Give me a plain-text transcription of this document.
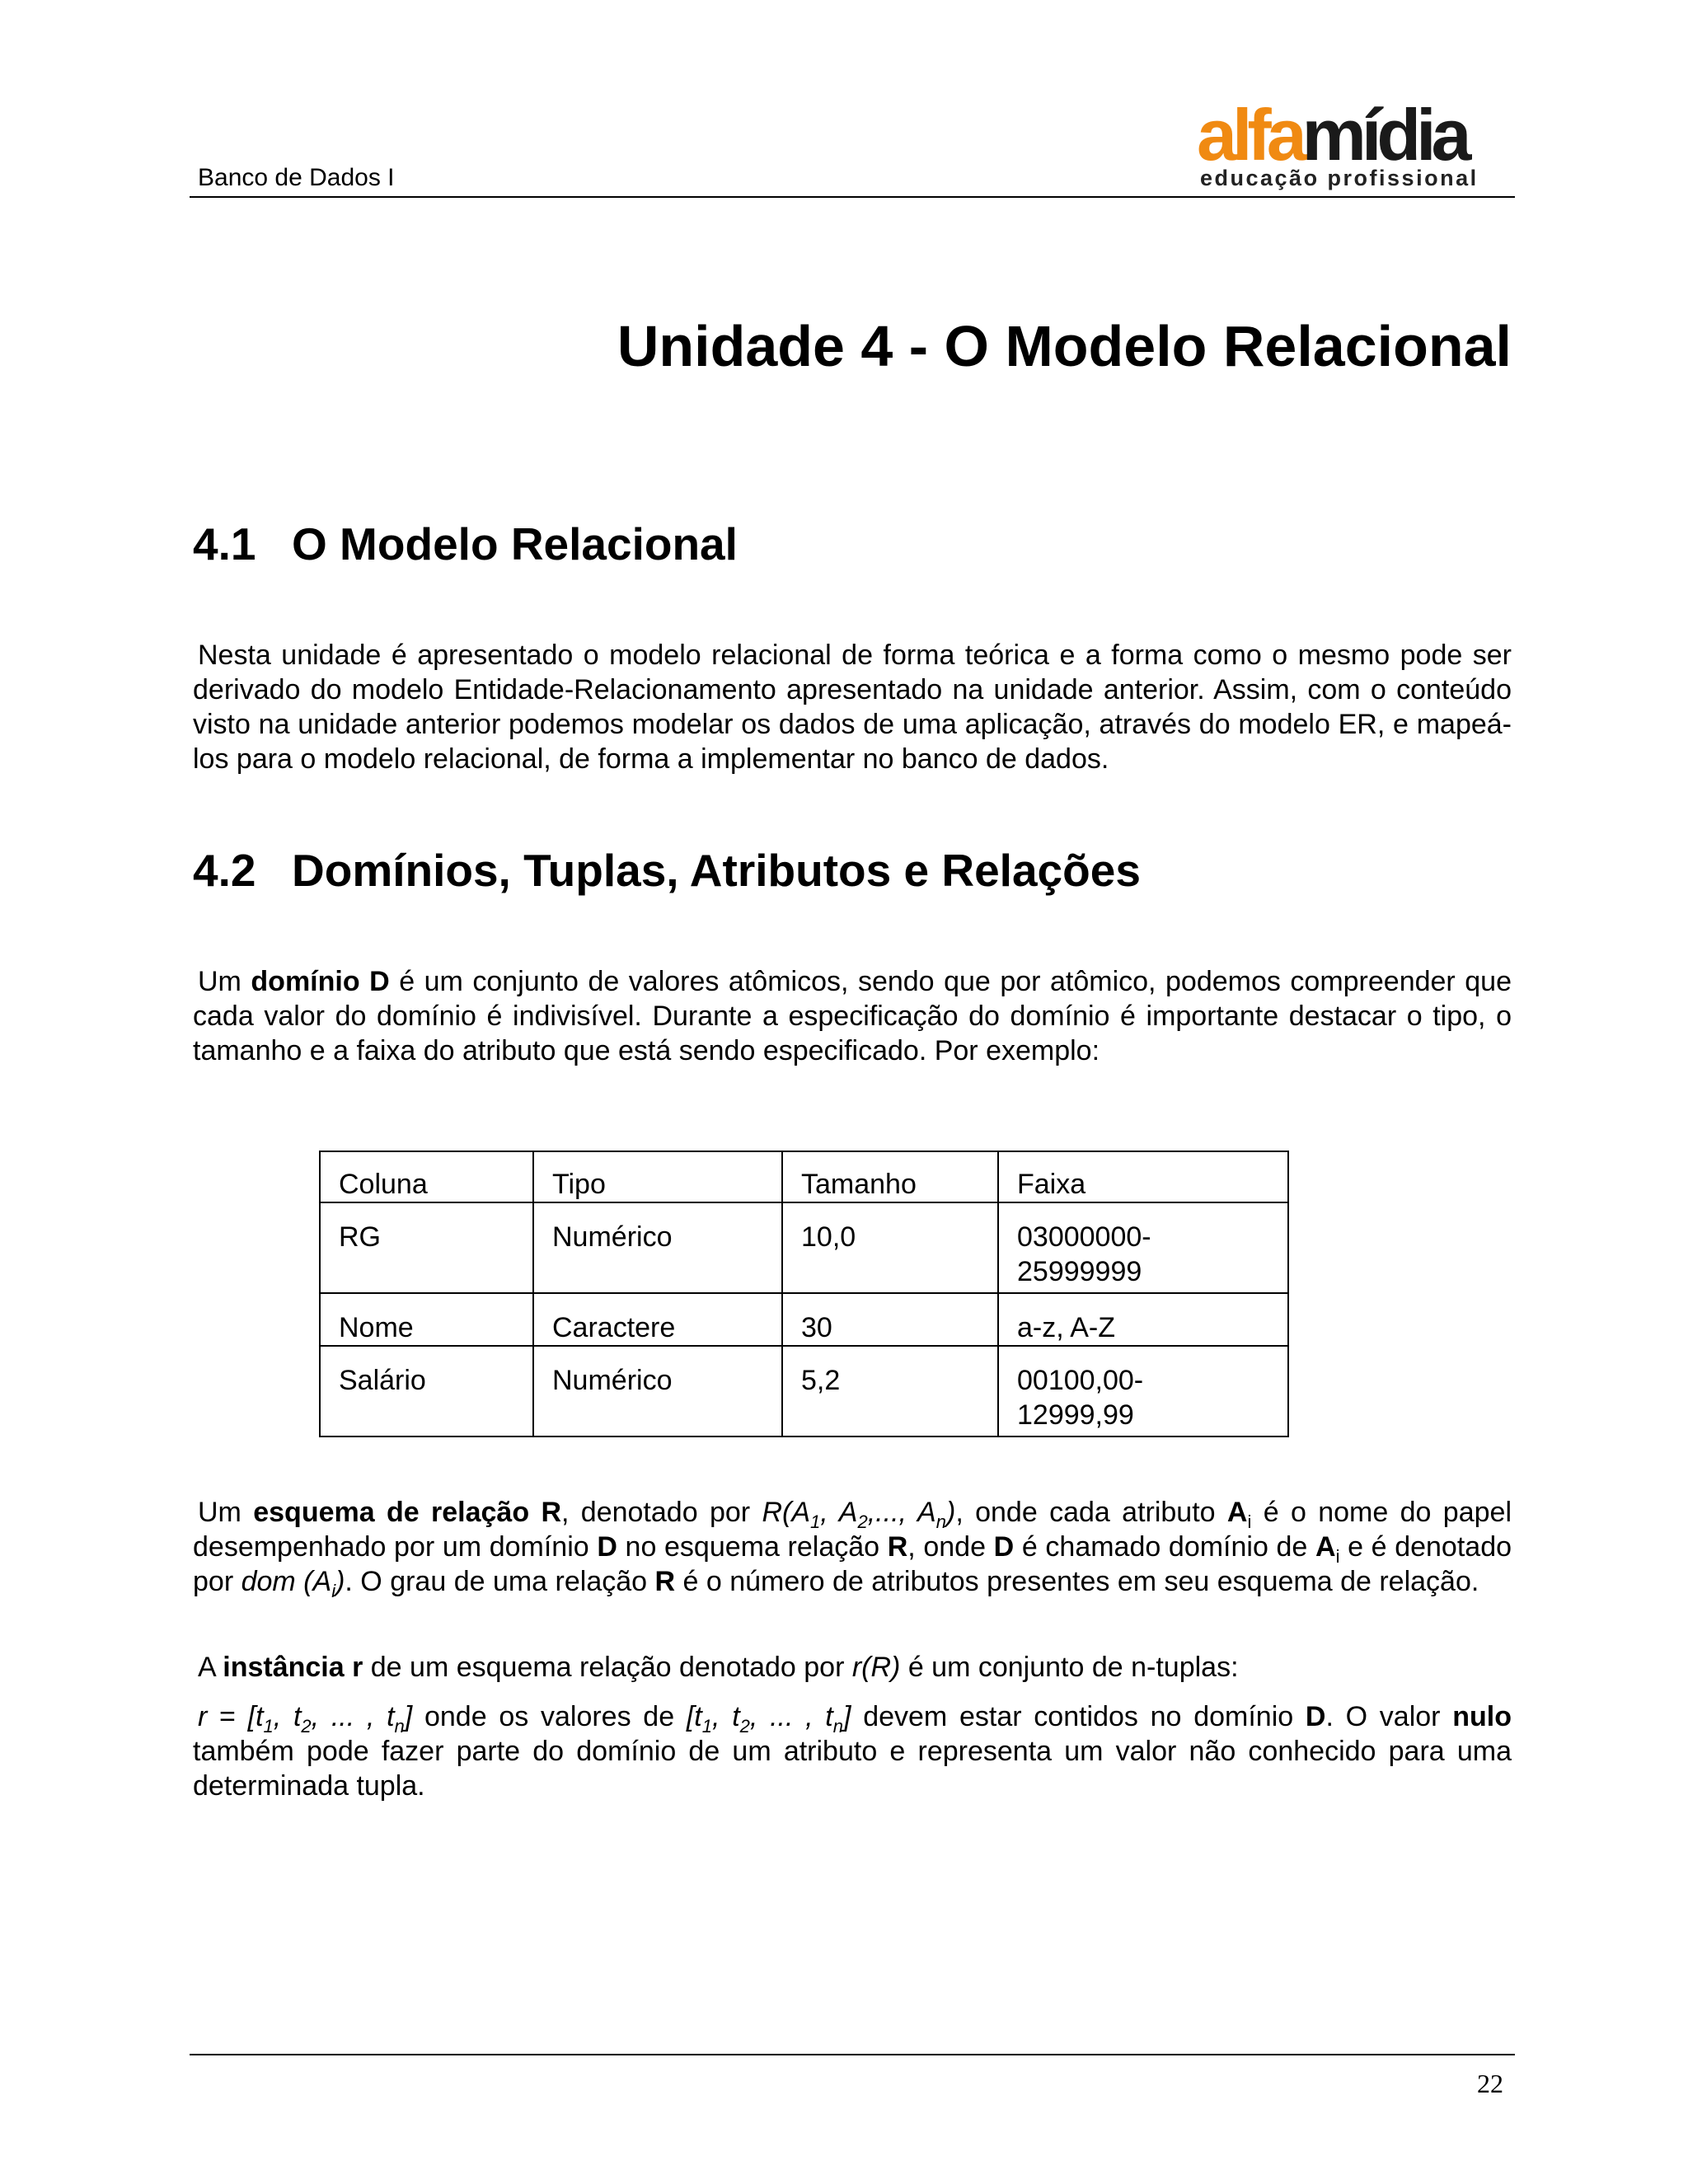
Banco de Dados I
alfamídia
educação profissional
Unidade 4 - O Modelo Relacional
4.1 O Modelo Relacional

Nesta unidade é apresentado o modelo relacional de forma teórica e a forma como o mesmo pode ser derivado do modelo Entidade-Relacionamento apresentado na unidade anterior. Assim, com o conteúdo visto na unidade anterior podemos modelar os dados de uma aplicação, através do modelo ER, e mapeá-los para o modelo relacional, de forma a implementar no banco de dados.

4.2 Domínios, Tuplas, Atributos e Relações

Um domínio D é um conjunto de valores atômicos, sendo que por atômico, podemos compreender que cada valor do domínio é indivisível. Durante a especificação do domínio é importante destacar o tipo, o tamanho e a faixa do atributo que está sendo especificado. Por exemplo:

Coluna	Tipo	Tamanho	Faixa
RG	Numérico	10,0	03000000-
25999999

Nome	Caractere	30	a-z, A-Z
Salário	Numérico	5,2	00100,00-
12999,99

Um esquema de relação R, denotado por $R(A_1$, $A_2$,..., $A_n$), onde cada atributo $A_i$ é o nome do papel desempenhado por um domínio D no esquema relação R, onde D é chamado domínio de $A_i$ e é denotado por dom $(A_i)$. O grau de uma relação R é o número de atributos presentes em seu esquema de relação.

A instância r de um esquema relação denotado por r(R) é um conjunto de n-tuplas:

$r = [t_1$, $t_2$, ... , $t_n$] onde os valores de [$t_1$, $t_2$, ... , $t_n$] devem estar contidos no domínio D. O valor nulo também pode fazer parte do domínio de um atributo e representa um valor não conhecido para uma determinada tupla.

22
